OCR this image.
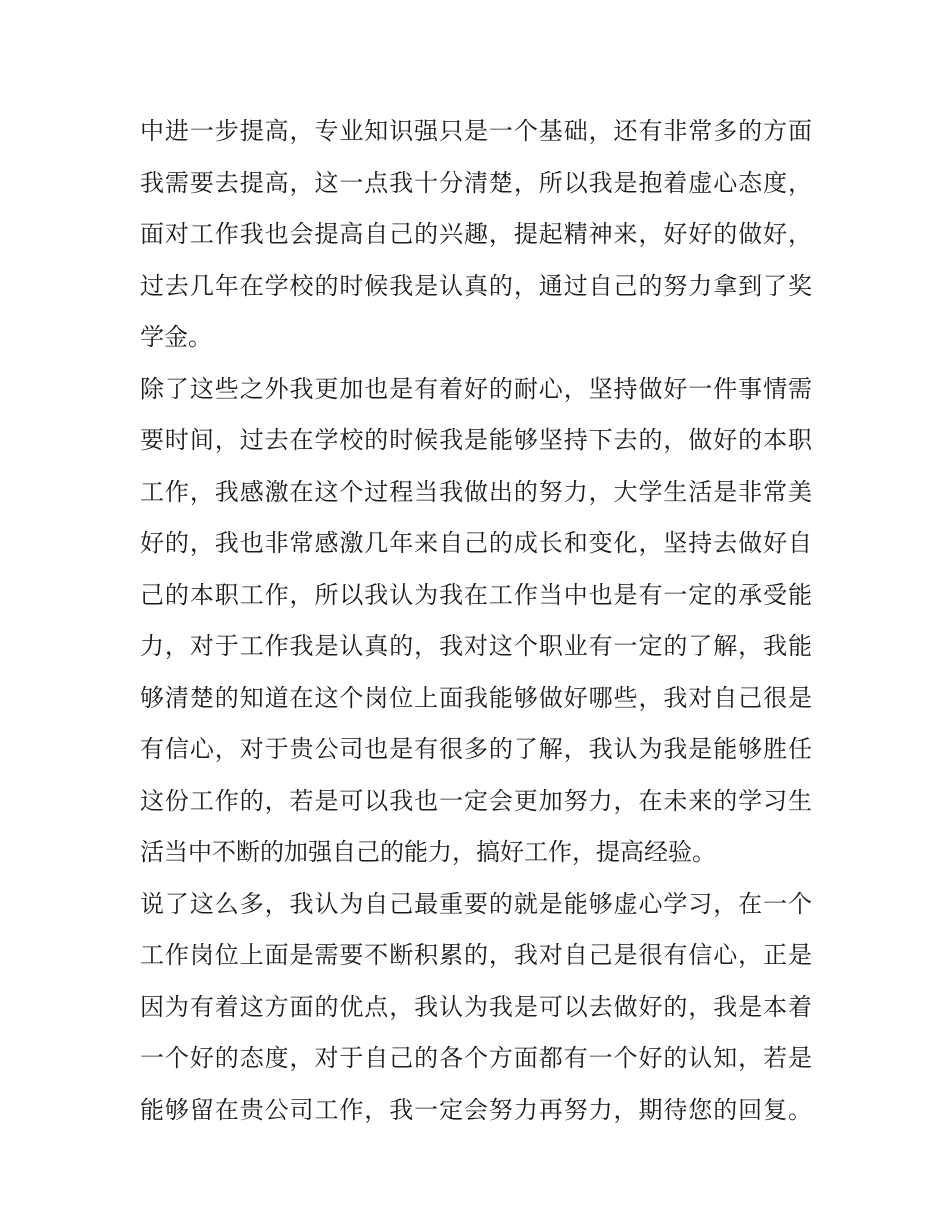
中进一步提高，专业知识强只是一个基础，还有非常多的方面
我需要去提高，这一点我十分清楚，所以我是抱着虚心态度，
面对工作我也会提高自己的兴趣，提起精神来，好好的做好，
过去几年在学校的时候我是认真的，通过自己的努力拿到了奖
学金。
除了这些之外我更加也是有着好的耐心，坚持做好一件事情需
要时间，过去在学校的时候我是能够坚持下去的，做好的本职
工作，我感激在这个过程当我做出的努力，大学生活是非常美
好的，我也非常感激几年来自己的成长和变化，坚持去做好自
己的本职工作，所以我认为我在工作当中也是有一定的承受能
力，对于工作我是认真的，我对这个职业有一定的了解，我能
够清楚的知道在这个岗位上面我能够做好哪些，我对自己很是
有信心，对于贵公司也是有很多的了解，我认为我是能够胜任
这份工作的，若是可以我也一定会更加努力，在未来的学习生
活当中不断的加强自己的能力，搞好工作，提高经验。
说了这么多，我认为自己最重要的就是能够虚心学习，在一个
工作岗位上面是需要不断积累的，我对自己是很有信心，正是
因为有着这方面的优点，我认为我是可以去做好的，我是本着
一个好的态度，对于自己的各个方面都有一个好的认知，若是
能够留在贵公司工作，我一定会努力再努力，期待您的回复。
